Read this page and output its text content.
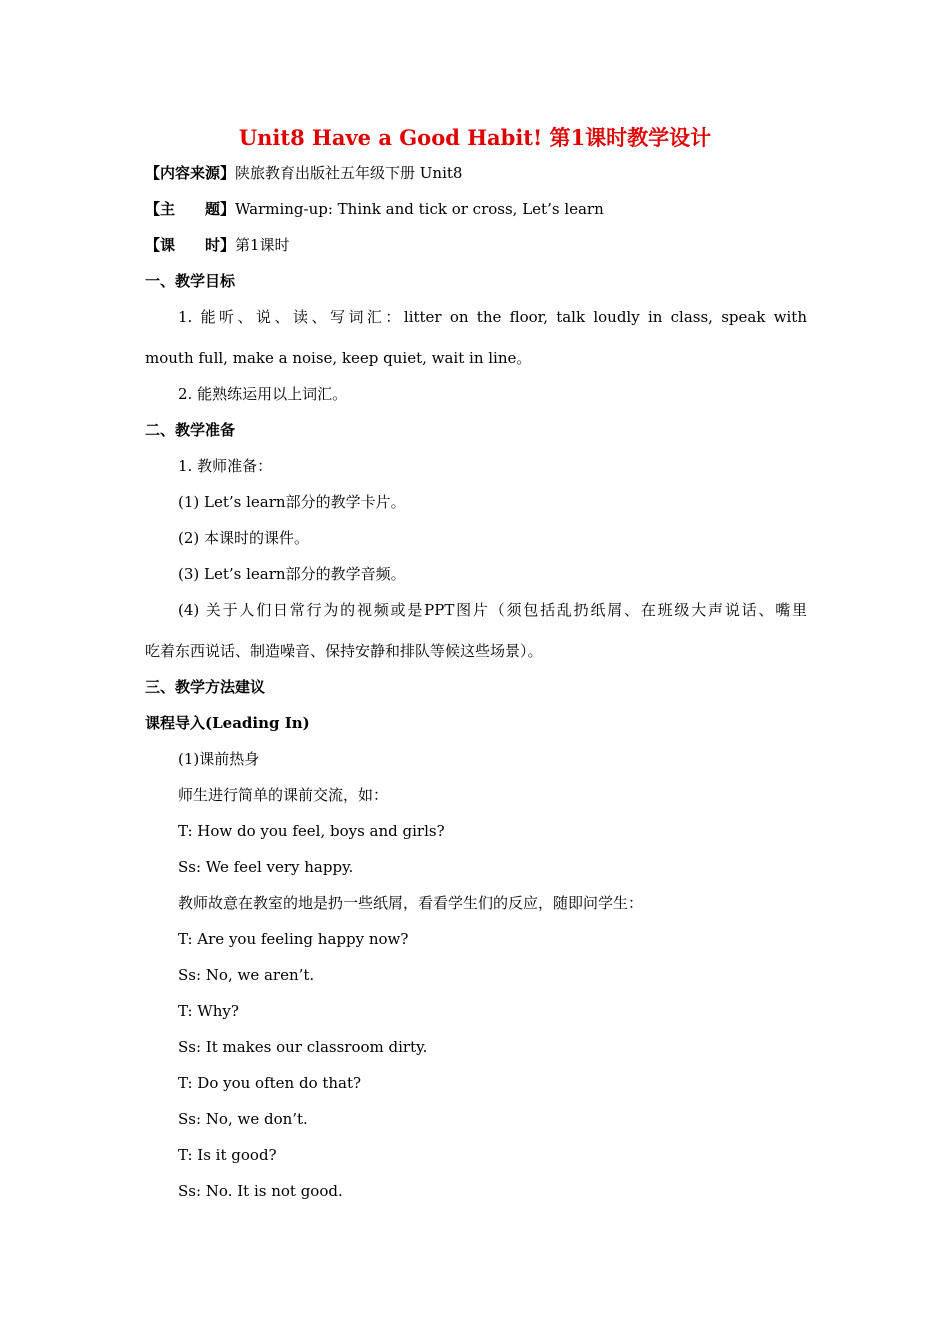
Unit8 Have a Good Habit! 第1课时教学设计
【内容来源】陕旅教育出版社五年级下册 Unit8
【主　　题】Warming-up: Think and tick or cross, Let’s learn
【课　　时】第1课时
一、教学目标
1. 能听、说、读、写词汇：litter on the floor, talk loudly in class, speak with
mouth full, make a noise, keep quiet, wait in line。
2. 能熟练运用以上词汇。
二、教学准备
1. 教师准备：
(1) Let’s learn部分的教学卡片。
(2) 本课时的课件。
(3) Let’s learn部分的教学音频。
(4) 关于人们日常行为的视频或是PPT图片（须包括乱扔纸屑、在班级大声说话、嘴里
吃着东西说话、制造噪音、保持安静和排队等候这些场景）。
三、教学方法建议
课程导入(Leading In)
(1)课前热身
师生进行简单的课前交流，如：
T: How do you feel, boys and girls?
Ss: We feel very happy.
教师故意在教室的地是扔一些纸屑，看看学生们的反应，随即问学生：
T: Are you feeling happy now?
Ss: No, we aren’t.
T: Why?
Ss: It makes our classroom dirty.
T: Do you often do that?
Ss: No, we don’t.
T: Is it good?
Ss: No. It is not good.
